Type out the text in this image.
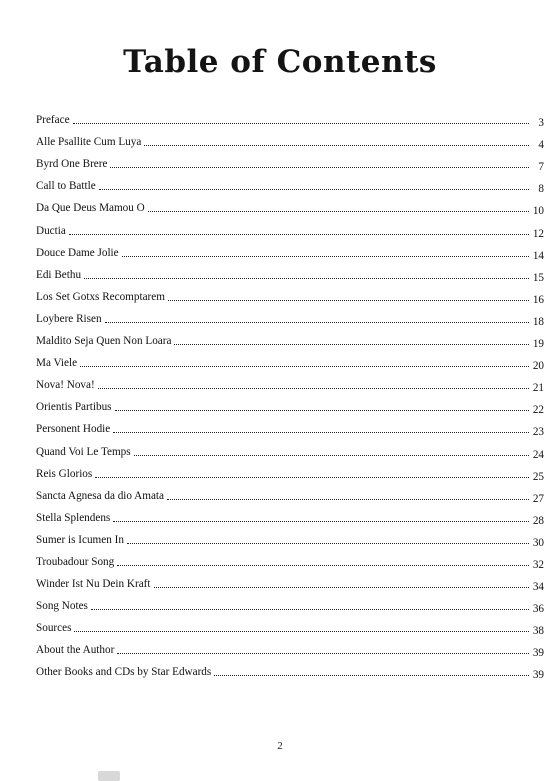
Table of Contents
Preface	3
Alle Psallite Cum Luya	4
Byrd One Brere	7
Call to Battle	8
Da Que Deus Mamou O	10
Ductia	12
Douce Dame Jolie	14
Edi Bethu	15
Los Set Gotxs Recomptarem	16
Loybere Risen	18
Maldito Seja Quen Non Loara	19
Ma Viele	20
Nova! Nova!	21
Orientis Partibus	22
Personent Hodie	23
Quand Voi Le Temps	24
Reis Glorios	25
Sancta Agnesa da dio Amata	27
Stella Splendens	28
Sumer is Icumen In	30
Troubadour Song	32
Winder Ist Nu Dein Kraft	34
Song Notes	36
Sources	38
About the Author	39
Other Books and CDs by Star Edwards	39
2
